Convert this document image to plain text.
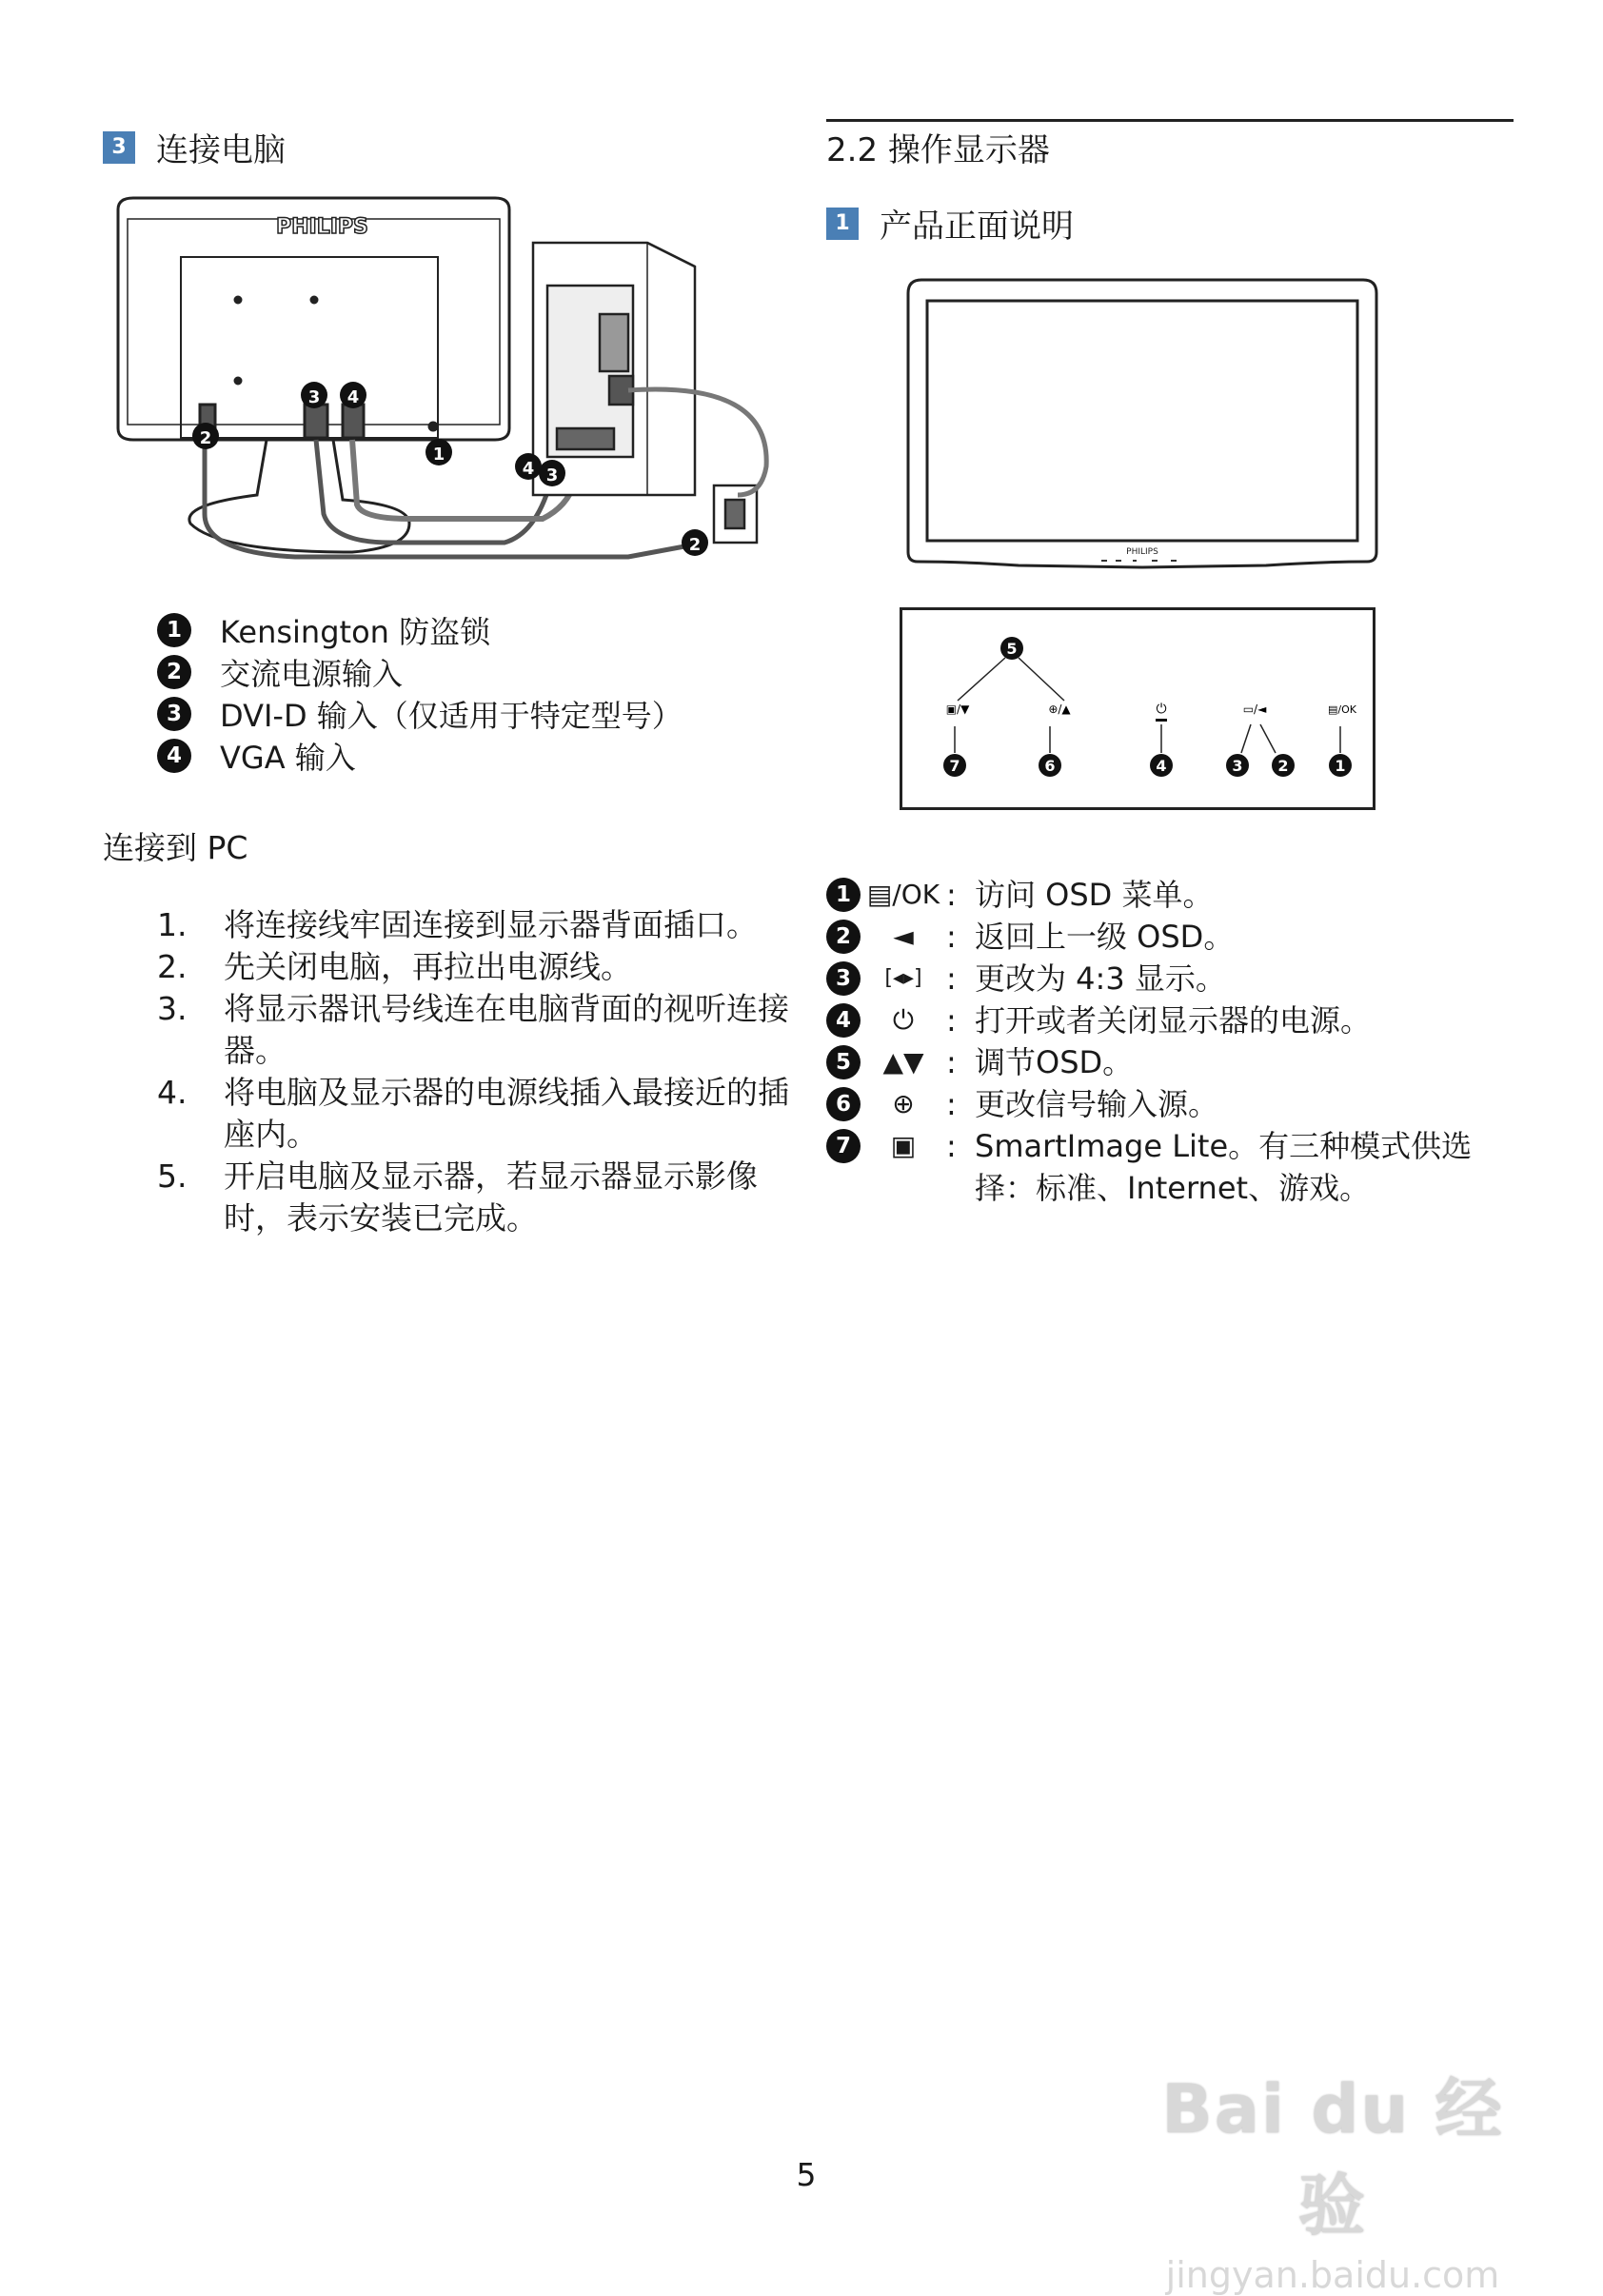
3 连接电脑
PHILIPS
1
2
3 4
4 3
2
1	Kensington 防盗锁
2	交流电源输入
3	DVI-D 输入（仅适用于特定型号）
4	VGA 输入
连接到 PC
1.	将连接线牢固连接到显示器背面插口。
2.	先关闭电脑，再拉出电源线。
3.	将显示器讯号线连在电脑背面的视听连接器。
4.	将电脑及显示器的电源线插入最接近的插座内。
5.	开启电脑及显示器，若显示器显示影像时，表示安装已完成。
2.2 操作显示器
1 产品正面说明
PHILIPS
5
▣/▼	⊕/▲	⏻	▭/◄	▤/OK
7	6	4	3 2	1
1 ▤/OK : 访问 OSD 菜单。
2	◄	: 返回上一级 OSD。
3	[◂▸] : 更改为 4:3 显示。
4	⏻	: 打开或者关闭显示器的电源。
5	▲▼ : 调节OSD。
6	⊕	: 更改信号输入源。
7	▣ : SmartImage Lite。有三种模式供选择：标准、Internet、游戏。
5
Bai du 经验
jingyan.baidu.com
